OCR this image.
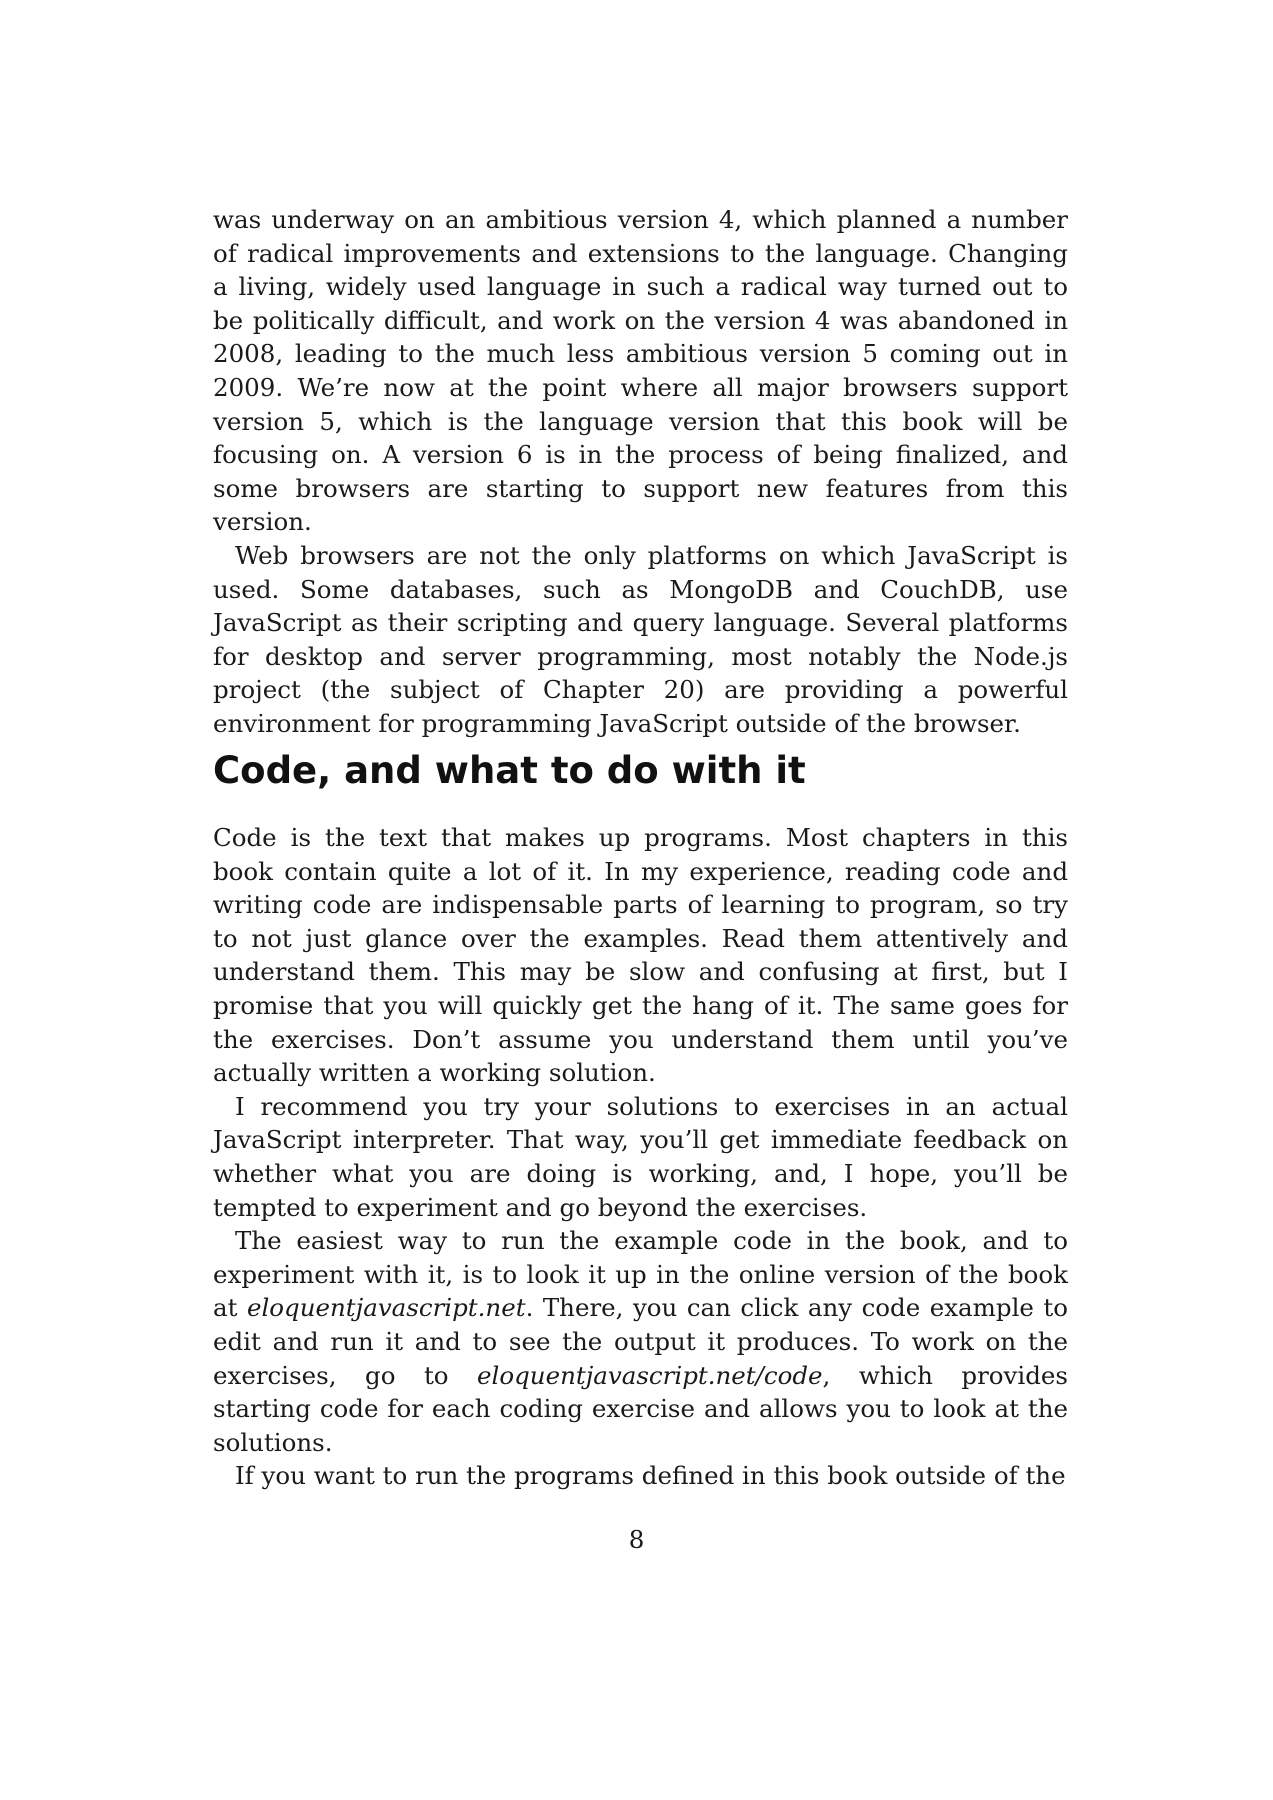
was underway on an ambitious version 4, which planned a number of radical improvements and extensions to the language. Changing a living, widely used language in such a radical way turned out to be politically difficult, and work on the version 4 was abandoned in 2008, leading to the much less ambitious version 5 coming out in 2009. We’re now at the point where all major browsers support version 5, which is the language version that this book will be focusing on. A version 6 is in the process of being finalized, and some browsers are starting to support new features from this version.

Web browsers are not the only platforms on which JavaScript is used. Some databases, such as MongoDB and CouchDB, use JavaScript as their scripting and query language. Several platforms for desktop and server programming, most notably the Node.js project (the subject of Chapter 20) are providing a powerful environment for programming JavaScript outside of the browser.

Code, and what to do with it

Code is the text that makes up programs. Most chapters in this book contain quite a lot of it. In my experience, reading code and writing code are indispensable parts of learning to program, so try to not just glance over the examples. Read them attentively and understand them. This may be slow and confusing at first, but I promise that you will quickly get the hang of it. The same goes for the exercises. Don’t assume you understand them until you’ve actually written a working solution.

I recommend you try your solutions to exercises in an actual JavaScript interpreter. That way, you’ll get immediate feedback on whether what you are doing is working, and, I hope, you’ll be tempted to experiment and go beyond the exercises.

The easiest way to run the example code in the book, and to experiment with it, is to look it up in the online version of the book at eloquentjavascript.net. There, you can click any code example to edit and run it and to see the output it produces. To work on the exercises, go to eloquentjavascript.net/code, which provides starting code for each coding exercise and allows you to look at the solutions.

If you want to run the programs defined in this book outside of the

8
